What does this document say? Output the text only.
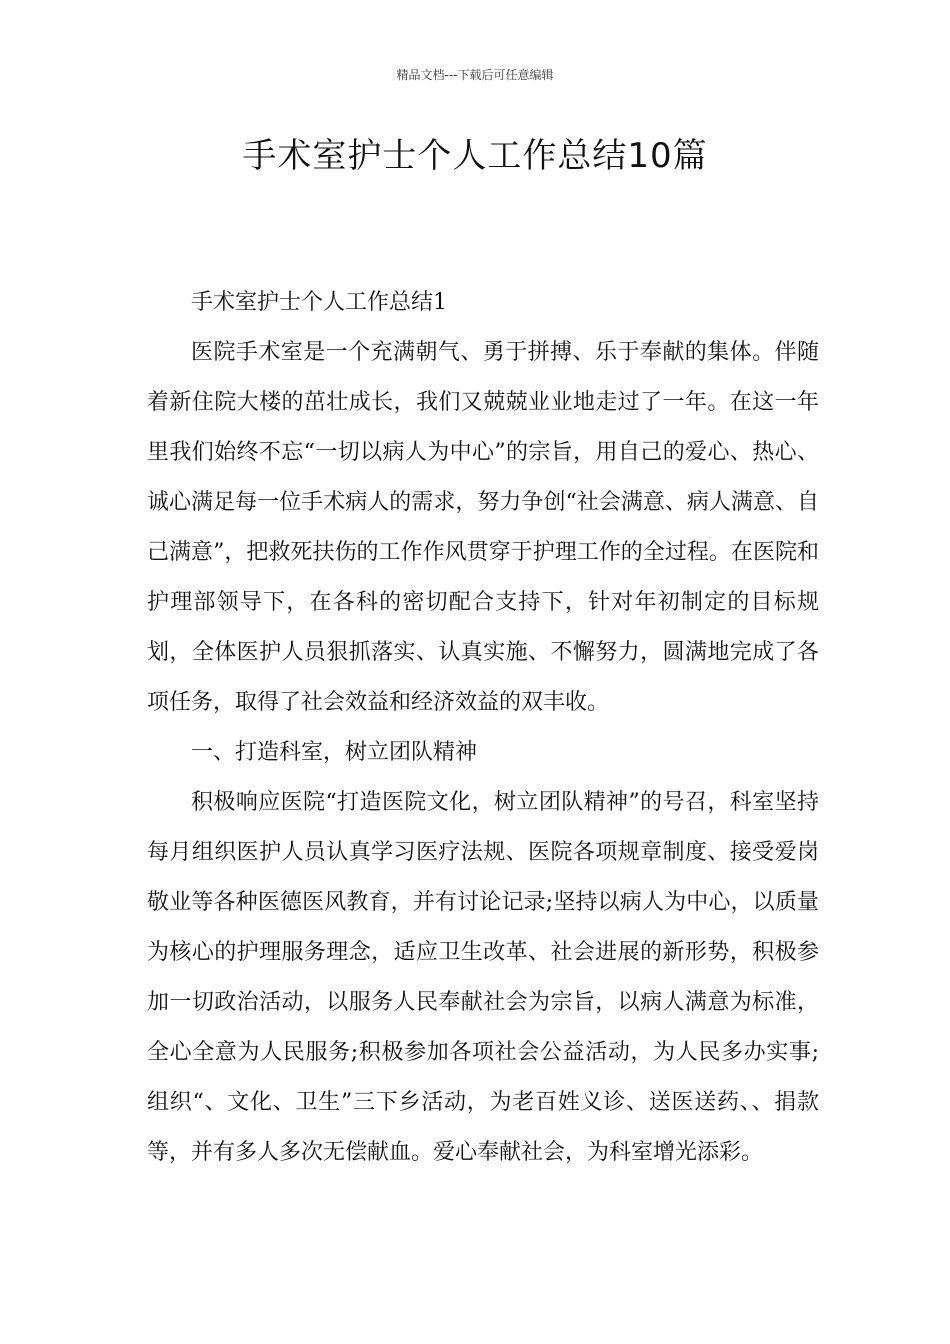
精品文档---下载后可任意编辑
手术室护士个人工作总结10篇

手术室护士个人工作总结1

医院手术室是一个充满朝气、勇于拼搏、乐于奉献的集体。伴随着新住院大楼的茁壮成长，我们又兢兢业业地走过了一年。在这一年里我们始终不忘“一切以病人为中心”的宗旨，用自己的爱心、热心、诚心满足每一位手术病人的需求，努力争创“社会满意、病人满意、自己满意”，把救死扶伤的工作作风贯穿于护理工作的全过程。在医院和护理部领导下，在各科的密切配合支持下，针对年初制定的目标规划，全体医护人员狠抓落实、认真实施、不懈努力，圆满地完成了各项任务，取得了社会效益和经济效益的双丰收。

一、打造科室，树立团队精神

积极响应医院“打造医院文化，树立团队精神”的号召，科室坚持每月组织医护人员认真学习医疗法规、医院各项规章制度、接受爱岗敬业等各种医德医风教育，并有讨论记录;坚持以病人为中心，以质量为核心的护理服务理念，适应卫生改革、社会进展的新形势，积极参加一切政治活动，以服务人民奉献社会为宗旨，以病人满意为标准，全心全意为人民服务;积极参加各项社会公益活动，为人民多办实事;组织“、文化、卫生”三下乡活动，为老百姓义诊、送医送药、、捐款等，并有多人多次无偿献血。爱心奉献社会，为科室增光添彩。
